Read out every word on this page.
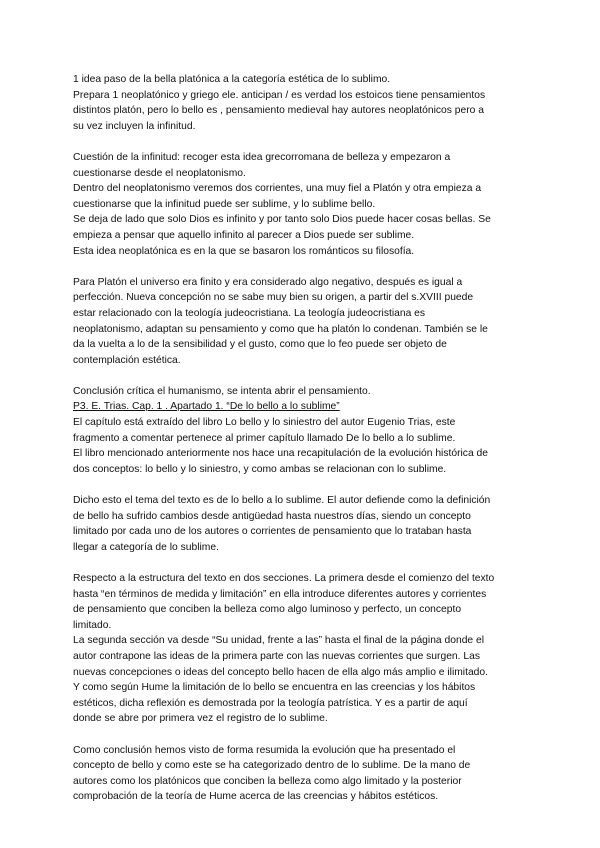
1 idea paso de la bella platónica a la categoría estética de lo sublimo.
Prepara 1 neoplatónico y griego ele. anticipan / es verdad los estoicos tiene pensamientos
distintos platón, pero lo bello es , pensamiento medieval hay autores neoplatónicos pero a
su vez incluyen la infinitud.
Cuestión de la infinitud: recoger esta idea grecorromana de belleza y empezaron a
cuestionarse desde el neoplatonismo.
Dentro del neoplatonismo veremos dos corrientes, una muy fiel a Platón y otra empieza a
cuestionarse que la infinitud puede ser sublime, y lo sublime bello.
Se deja de lado que solo Dios es infinito y por tanto solo Dios puede hacer cosas bellas. Se
empieza a pensar que aquello infinito al parecer a Dios puede ser sublime.
Esta idea neoplatónica es en la que se basaron los románticos su filosofía.
Para Platón el universo era finito y era considerado algo negativo, después es igual a
perfección. Nueva concepción no se sabe muy bien su origen, a partir del s.XVIII puede
estar relacionado con la teología judeocristiana. La teología judeocristiana es
neoplatonismo, adaptan su pensamiento y como que ha platón lo condenan. También se le
da la vuelta a lo de la sensibilidad y el gusto, como que lo feo puede ser objeto de
contemplación estética.
Conclusión crítica el humanismo, se intenta abrir el pensamiento.
P3. E. Trias. Cap. 1 . Apartado 1. “De lo bello a lo sublime”
El capítulo está extraído del libro Lo bello y lo siniestro del autor Eugenio Trias, este
fragmento a comentar pertenece al primer capítulo llamado De lo bello a lo sublime.
El libro mencionado anteriormente nos hace una recapitulación de la evolución histórica de
dos conceptos: lo bello y lo siniestro, y como ambas se relacionan con lo sublime.
Dicho esto el tema del texto es de lo bello a lo sublime. El autor defiende como la definición
de bello ha sufrido cambios desde antigüedad hasta nuestros días, siendo un concepto
limitado por cada uno de los autores o corrientes de pensamiento que lo trataban hasta
llegar a categoría de lo sublime.
Respecto a la estructura del texto en dos secciones. La primera desde el comienzo del texto
hasta “en términos de medida y limitación” en ella introduce diferentes autores y corrientes
de pensamiento que conciben la belleza como algo luminoso y perfecto, un concepto
limitado.
La segunda sección va desde “Su unidad, frente a las” hasta el final de la página donde el
autor contrapone las ideas de la primera parte con las nuevas corrientes que surgen. Las
nuevas concepciones o ideas del concepto bello hacen de ella algo más amplio e ilimitado.
Y como según Hume la limitación de lo bello se encuentra en las creencias y los hábitos
estéticos, dicha reflexión es demostrada por la teología patrística. Y es a partir de aquí
donde se abre por primera vez el registro de lo sublime.
Como conclusión hemos visto de forma resumida la evolución que ha presentado el
concepto de bello y como este se ha categorizado dentro de lo sublime. De la mano de
autores como los platónicos que conciben la belleza como algo limitado y la posterior
comprobación de la teoría de Hume acerca de las creencias y hábitos estéticos.
